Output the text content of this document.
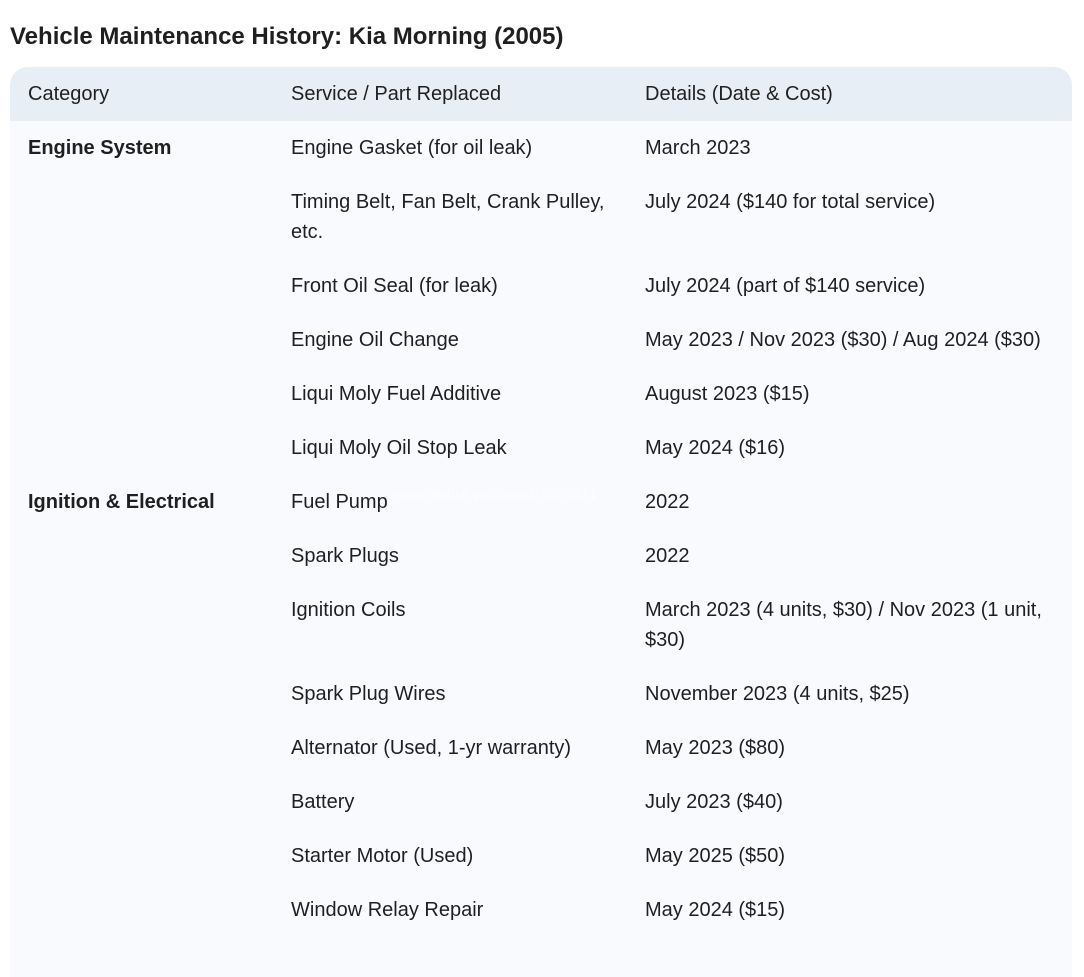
Vehicle Maintenance History: Kia Morning (2005)
Category	Service / Part Replaced	Details (Date & Cost)
Engine System	Engine Gasket (for oil leak)	March 2023
	Timing Belt, Fan Belt, Crank Pulley, etc.	July 2024 ($140 for total service)
	Front Oil Seal (for leak)	July 2024 (part of $140 service)
	Engine Oil Change	May 2023 / Nov 2023 ($30) / Aug 2024 ($30)
	Liqui Moly Fuel Additive	August 2023 ($15)
	Liqui Moly Oil Stop Leak	May 2024 ($16)
Ignition & Electrical	Fuel Pump	2022
	Spark Plugs	2022
	Ignition Coils	March 2023 (4 units, $30) / Nov 2023 (1 unit, $30)
	Spark Plug Wires	November 2023 (4 units, $25)
	Alternator (Used, 1-yr warranty)	May 2023 ($80)
	Battery	July 2023 ($40)
	Starter Motor (Used)	May 2025 ($50)
	Window Relay Repair	May 2024 ($15)
www.tinhte.vn/thread/3029371
